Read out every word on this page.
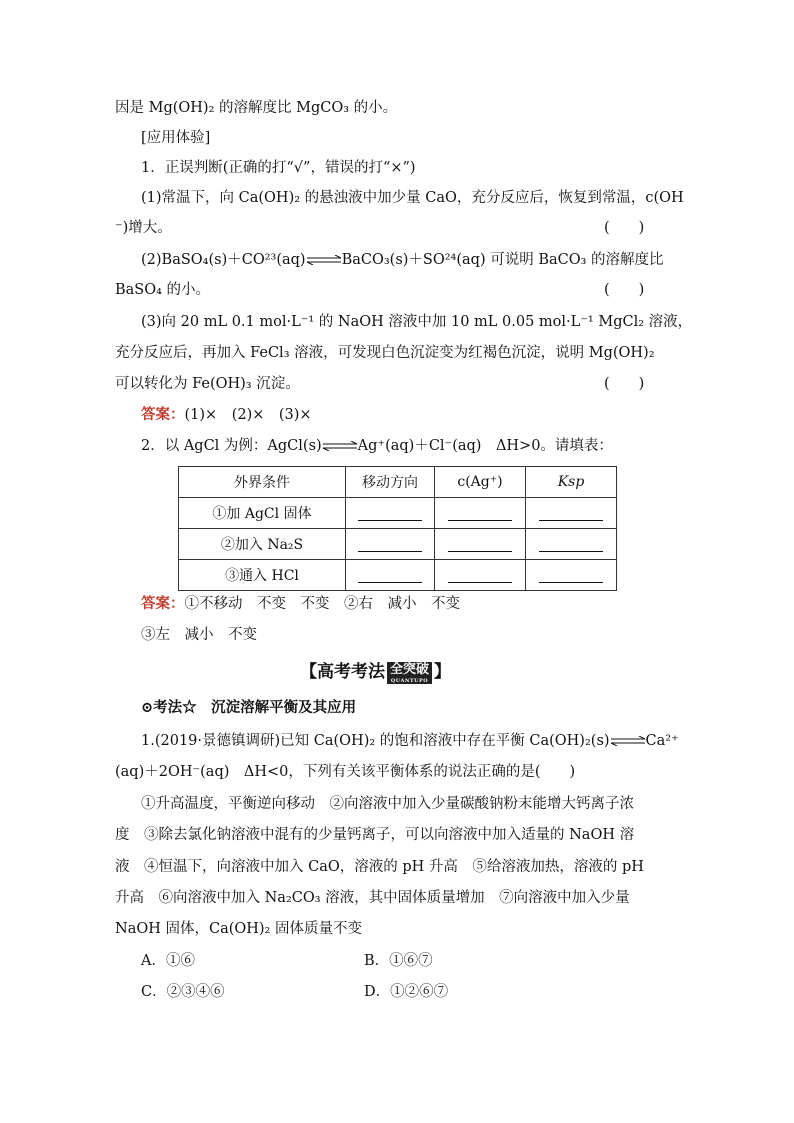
因是 Mg(OH)₂ 的溶解度比 MgCO₃ 的小。
[应用体验]
1．正误判断(正确的打“√”，错误的打“×”)
(1)常温下，向 Ca(OH)₂ 的悬浊液中加少量 CaO，充分反应后，恢复到常温，c(OH
⁻)增大。	(　　)
(2)BaSO₄(s)＋CO²³(aq)⇌BaCO₃(s)＋SO²⁴(aq) 可说明 BaCO₃ 的溶解度比
BaSO₄ 的小。	(　　)
(3)向 20 mL 0.1 mol·L⁻¹ 的 NaOH 溶液中加 10 mL 0.05 mol·L⁻¹ MgCl₂ 溶液，
充分反应后，再加入 FeCl₃ 溶液，可发现白色沉淀变为红褐色沉淀，说明 Mg(OH)₂
可以转化为 Fe(OH)₃ 沉淀。	(　　)
答案：(1)×　(2)×　(3)×
2．以 AgCl 为例：AgCl(s)⇌Ag⁺(aq)＋Cl⁻(aq)　ΔH>0。请填表：
外界条件	移动方向	c(Ag⁺)	Ksp
①加 AgCl 固体			
②加入 Na₂S			
③通入 HCl			
答案：①不移动　不变　不变　②右　减小　不变
③左　减小　不变
【高考考法 全突破
QUANTUPO 】
⊙考法☆　沉淀溶解平衡及其应用
1.(2019·景德镇调研)已知 Ca(OH)₂ 的饱和溶液中存在平衡 Ca(OH)₂(s)⇌Ca²⁺
(aq)＋2OH⁻(aq)　ΔH<0，下列有关该平衡体系的说法正确的是(　　)
①升高温度，平衡逆向移动　②向溶液中加入少量碳酸钠粉末能增大钙离子浓
度　③除去氯化钠溶液中混有的少量钙离子，可以向溶液中加入适量的 NaOH 溶
液　④恒温下，向溶液中加入 CaO，溶液的 pH 升高　⑤给溶液加热，溶液的 pH
升高　⑥向溶液中加入 Na₂CO₃ 溶液，其中固体质量增加　⑦向溶液中加入少量
NaOH 固体，Ca(OH)₂ 固体质量不变
A．①⑥	B．①⑥⑦
C．②③④⑥	D．①②⑥⑦
